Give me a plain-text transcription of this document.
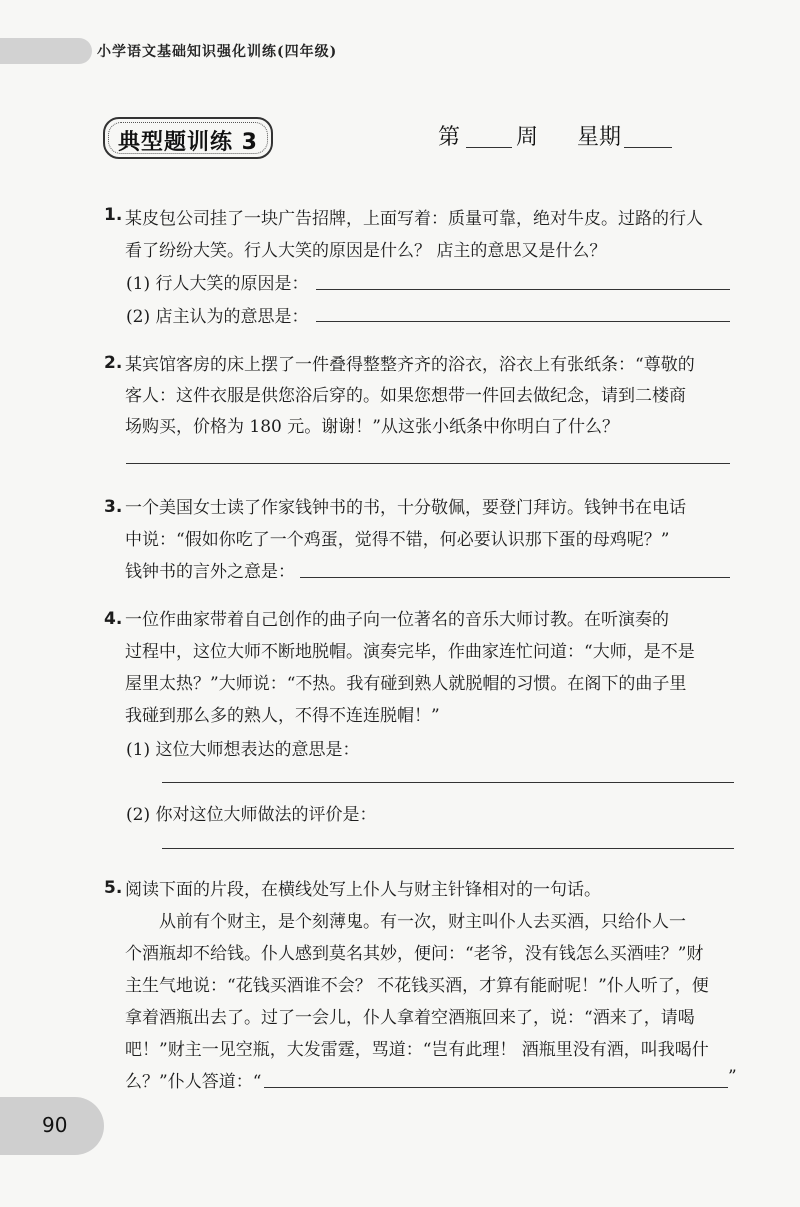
小学语文基础知识强化训练(四年级)
典型题训练 3	第	周 星期
1. 某皮包公司挂了一块广告招牌，上面写着：质量可靠，绝对牛皮。过路的行人
看了纷纷大笑。行人大笑的原因是什么？ 店主的意思又是什么？
(1) 行人大笑的原因是：
(2) 店主认为的意思是：
2. 某宾馆客房的床上摆了一件叠得整整齐齐的浴衣，浴衣上有张纸条：“尊敬的
客人：这件衣服是供您浴后穿的。如果您想带一件回去做纪念，请到二楼商
场购买，价格为 180 元。谢谢！”从这张小纸条中你明白了什么？
3. 一个美国女士读了作家钱钟书的书，十分敬佩，要登门拜访。钱钟书在电话
中说：“假如你吃了一个鸡蛋，觉得不错，何必要认识那下蛋的母鸡呢？”
钱钟书的言外之意是：
4. 一位作曲家带着自己创作的曲子向一位著名的音乐大师讨教。在听演奏的
过程中，这位大师不断地脱帽。演奏完毕，作曲家连忙问道：“大师，是不是
屋里太热？”大师说：“不热。我有碰到熟人就脱帽的习惯。在阁下的曲子里
我碰到那么多的熟人，不得不连连脱帽！”
(1) 这位大师想表达的意思是：
(2) 你对这位大师做法的评价是：
5. 阅读下面的片段，在横线处写上仆人与财主针锋相对的一句话。
从前有个财主，是个刻薄鬼。有一次，财主叫仆人去买酒，只给仆人一
个酒瓶却不给钱。仆人感到莫名其妙，便问：“老爷，没有钱怎么买酒哇？”财
主生气地说：“花钱买酒谁不会？ 不花钱买酒，才算有能耐呢！”仆人听了，便
拿着酒瓶出去了。过了一会儿，仆人拿着空酒瓶回来了，说：“酒来了，请喝
吧！”财主一见空瓶，大发雷霆，骂道：“岂有此理！ 酒瓶里没有酒，叫我喝什
么？”仆人答道：“	”
90
